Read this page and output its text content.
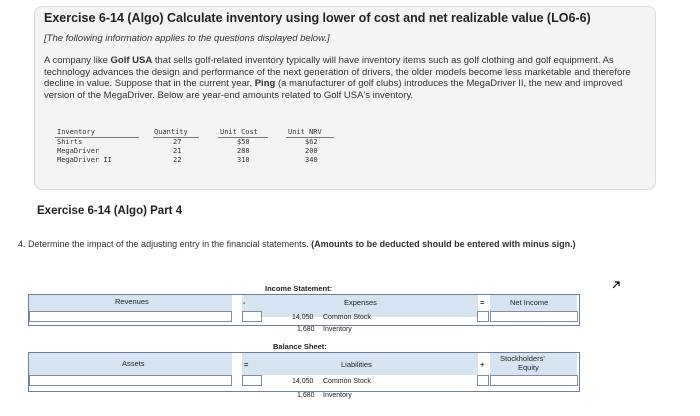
Exercise 6-14 (Algo) Calculate inventory using lower of cost and net realizable value (LO6-6)
[The following information applies to the questions displayed below.]
A company like Golf USA that sells golf-related inventory typically will have inventory items such as golf clothing and golf equipment. As technology advances the design and performance of the next generation of drivers, the older models become less marketable and therefore decline in value. Suppose that in the current year, Ping (a manufacturer of golf clubs) introduces the MegaDriver II, the new and improved version of the MegaDriver. Below are year-end amounts related to Golf USA's inventory.
Inventory	Quantity	Unit Cost	Unit NRV
Shirts	27	$50	$62
MegaDriver	21	280	200
MegaDriver II	22	310	340
Exercise 6-14 (Algo) Part 4
4. Determine the impact of the adjusting entry in the financial statements. (Amounts to be deducted should be entered with minus sign.)
Income Statement:
Revenues	-	Expenses	=	Net Income
14,050 Common Stock
1,680 Inventory
Balance Sheet:
Assets	=	Liabilities	+
Stockholders'
Equity
14,050 Common Stock
1,680 Inventory
